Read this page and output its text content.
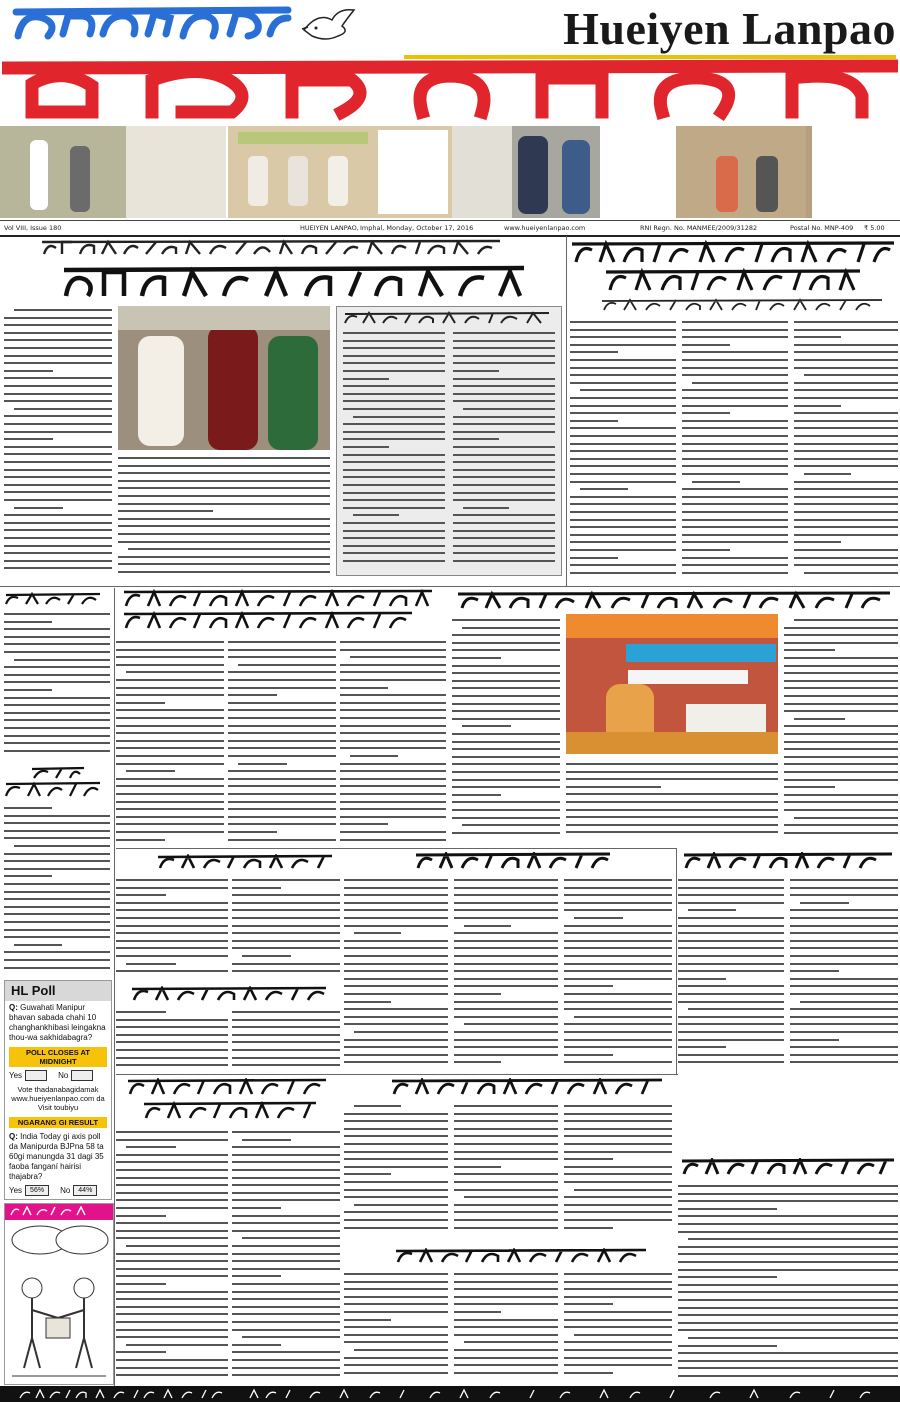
Hueiyen Lanpao
Vol VIII, Issue 180	HUEIYEN LANPAO, Imphal, Monday, October 17, 2016	www.hueiyenlanpao.com	RNI Regn. No. MANMEE/2009/31282	Postal No. MNP-409 ₹ 5.00
HL Poll
Q: Guwahati Manipur bhavan sabada chahi 10 changhankhibasi leingakna thou-wa sakhidabagra?
POLL CLOSES AT MIDNIGHT
Yes	No
Vote thadanabagidamak www.hueiyenlanpao.com da Visit toubiyu
NGARANG GI RESULT
Q: India Today gi axis poll da Manipurda BJPna 58 ta 60gi manungda 31 dagi 35 faoba fanganí hairisi thajabra?
Yes	56%	No	44%
